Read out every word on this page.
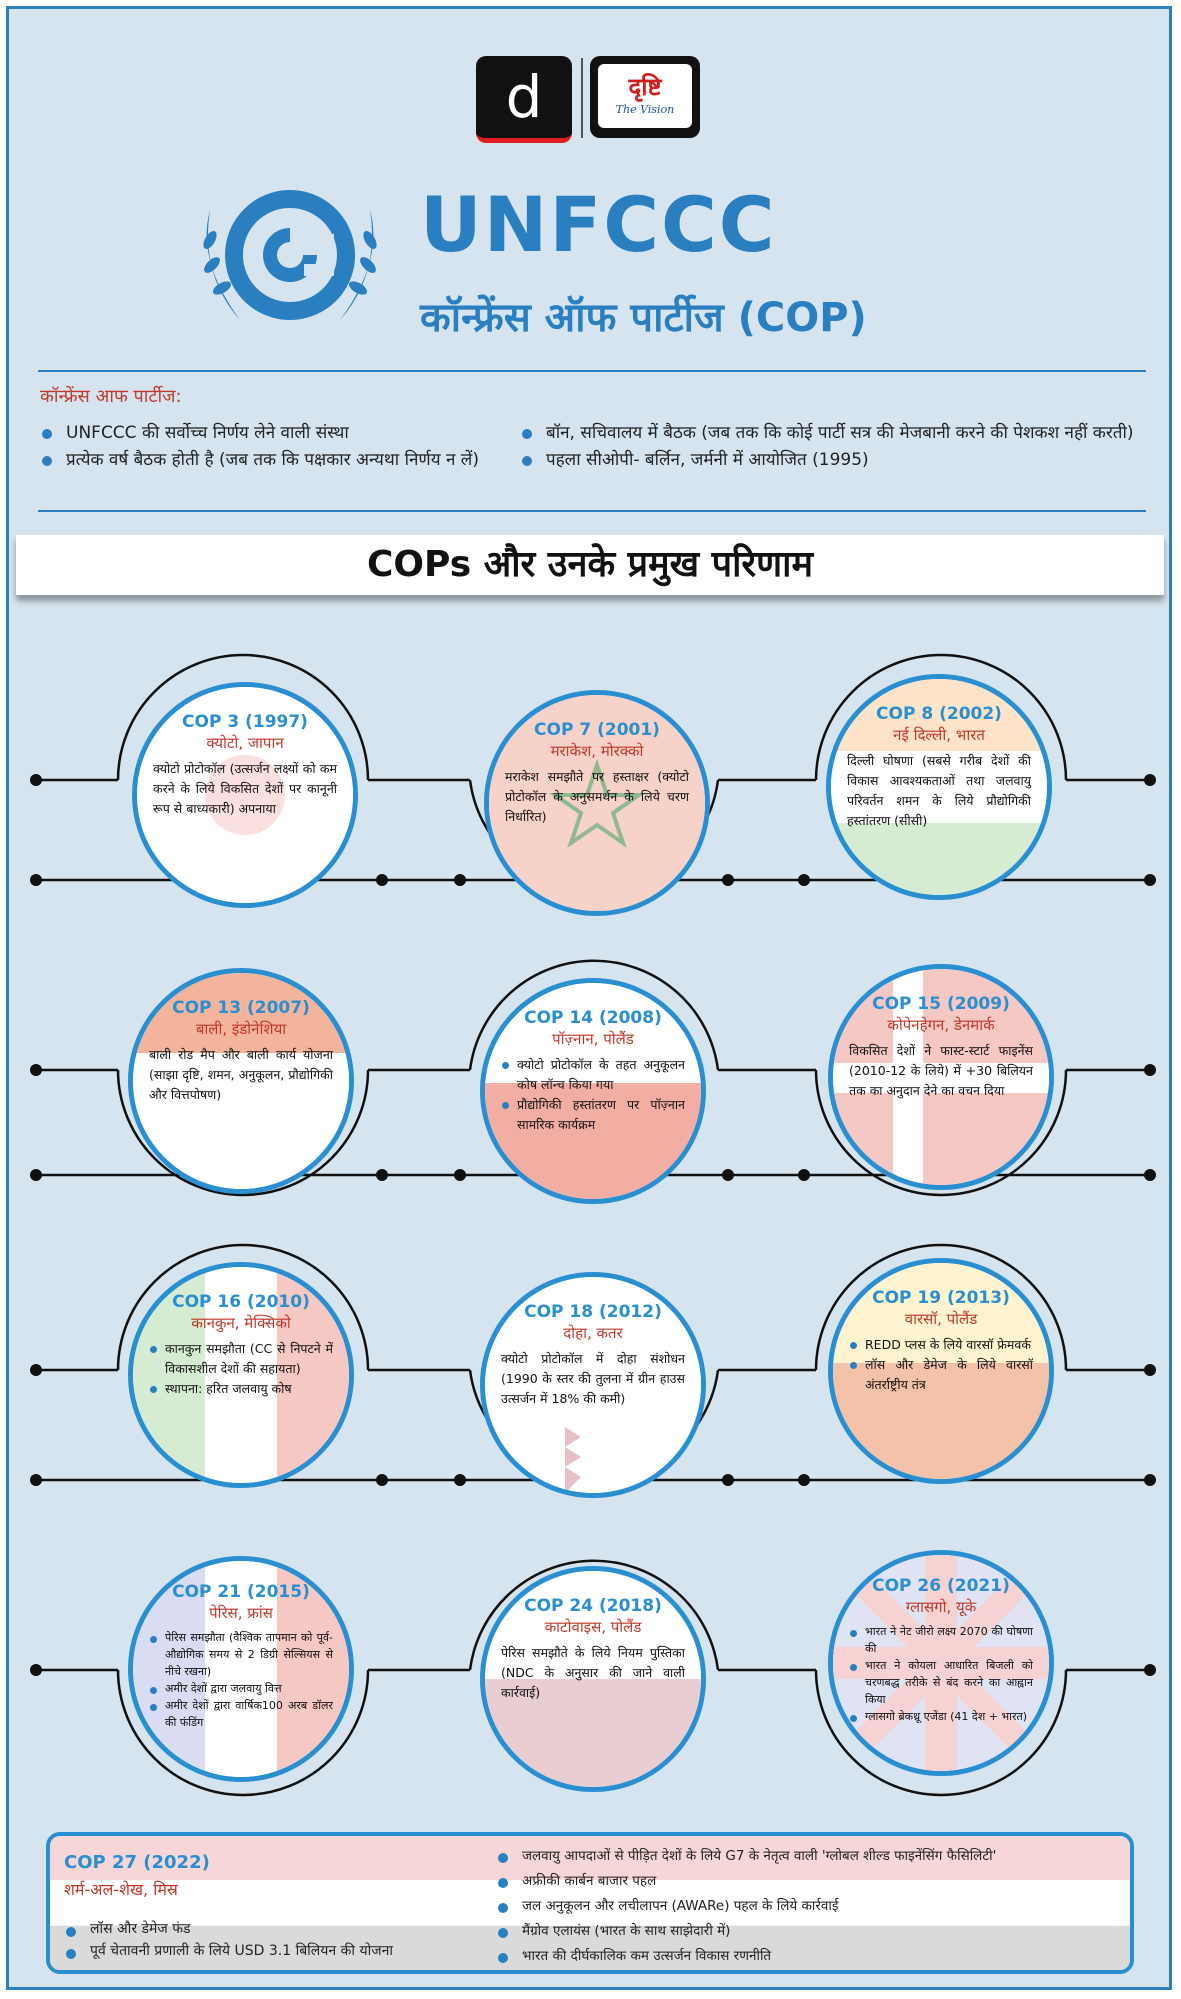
d	दृष्टि
The Vision
UNFCCC
कॉन्फ्रेंस ऑफ पार्टीज (COP)
कॉन्फ्रेंस आफ पार्टीज:
UNFCCC की सर्वोच्च निर्णय लेने वाली संस्था
प्रत्येक वर्ष बैठक होती है (जब तक कि पक्षकार अन्यथा निर्णय न लें)
बॉन, सचिवालय में बैठक (जब तक कि कोई पार्टी सत्र की मेजबानी करने की पेशकश नहीं करती)
पहला सीओपी- बर्लिन, जर्मनी में आयोजित (1995)
COPs और उनके प्रमुख परिणाम
COP 3 (1997)
क्योटो, जापान
क्योटो प्रोटोकॉल (उत्सर्जन लक्ष्यों को कम करने के लिये विकसित देशों पर कानूनी रूप से बाध्यकारी) अपनाया
COP 7 (2001)
मराकेश, मोरक्को
मराकेश समझौते पर हस्ताक्षर (क्योटो प्रोटोकॉल के अनुसमर्थन के लिये चरण निर्धारित)
COP 8 (2002)
नई दिल्ली, भारत
दिल्ली घोषणा (सबसे गरीब देशों की विकास आवश्यकताओं तथा जलवायु परिवर्तन शमन के लिये प्रौद्योगिकी हस्तांतरण (सीसी)
COP 13 (2007)
बाली, इंडोनेशिया
बाली रोड मैप और बाली कार्य योजना (साझा दृष्टि, शमन, अनुकूलन, प्रौद्योगिकी और वित्तपोषण)
COP 14 (2008)
पॉज़्नान, पोलैंड
क्योटो प्रोटोकॉल के तहत अनुकूलन कोष लॉन्च किया गया
प्रौद्योगिकी हस्तांतरण पर पॉज़्नान सामरिक कार्यक्रम
COP 15 (2009)
कोपेनहेगन, डेनमार्क
विकसित देशों ने फास्ट-स्टार्ट फाइनेंस (2010-12 के लिये) में +30 बिलियन तक का अनुदान देने का वचन दिया
COP 16 (2010)
कानकुन, मेक्सिको
कानकुन समझौता (CC से निपटने में विकासशील देशों की सहायता)
स्थापना: हरित जलवायु कोष
COP 18 (2012)
दोहा, कतर
क्योटो प्रोटोकॉल में दोहा संशोधन (1990 के स्तर की तुलना में ग्रीन हाउस उत्सर्जन में 18% की कमी)
COP 19 (2013)
वारसॉ, पोलैंड
REDD प्लस के लिये वारसॉ फ्रेमवर्क
लॉस और डेमेज के लिये वारसॉ अंतर्राष्ट्रीय तंत्र
COP 21 (2015)
पेरिस, फ्रांस
पेरिस समझौता (वैश्विक तापमान को पूर्व-औद्योगिक समय से 2 डिग्री सेल्सियस से नीचे रखना)
अमीर देशों द्वारा जलवायु वित्त
अमीर देशों द्वारा वार्षिक100 अरब डॉलर की फंडिंग
COP 24 (2018)
काटोवाइस, पोलैंड
पेरिस समझौते के लिये नियम पुस्तिका (NDC के अनुसार की जाने वाली कार्रवाई)
COP 26 (2021)
ग्लासगो, यूके
भारत ने नेट जीरो लक्ष्य 2070 की घोषणा की
भारत ने कोयला आधारित बिजली को चरणबद्ध तरीके से बंद करने का आह्वान किया
ग्लासगो ब्रेकथ्रू एजेंडा (41 देश + भारत)
COP 27 (2022)
शर्म-अल-शेख, मिस्र
लॉस और डेमेज फंड
पूर्व चेतावनी प्रणाली के लिये USD 3.1 बिलियन की योजना
जलवायु आपदाओं से पीड़ित देशों के लिये G7 के नेतृत्व वाली 'ग्लोबल शील्ड फाइनेंसिंग फैसिलिटी'
अफ्रीकी कार्बन बाजार पहल
जल अनुकूलन और लचीलापन (AWARe) पहल के लिये कार्रवाई
मैंग्रोव एलायंस (भारत के साथ साझेदारी में)
भारत की दीर्घकालिक कम उत्सर्जन विकास रणनीति
